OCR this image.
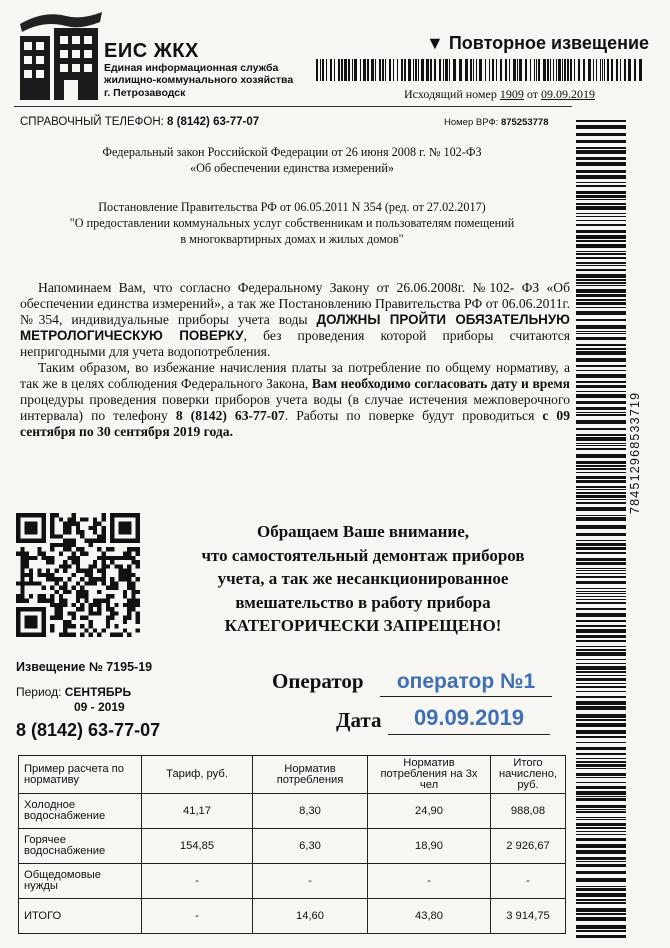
ЕИС ЖКХ
Единая информационная служба
жилищно-коммунального хозяйства
г. Петрозаводск
▼ Повторное извещение
Исходящий номер 1909 от 09.09.2019
СПРАВОЧНЫЙ ТЕЛЕФОН: 8 (8142) 63-77-07	Номер ВРФ: 875253778
Федеральный закон Российской Федерации от 26 июня 2008 г. № 102-ФЗ
«Об обеспечении единства измерений»
Постановление Правительства РФ от 06.05.2011 N 354 (ред. от 27.02.2017)
"О предоставлении коммунальных услуг собственникам и пользователям помещений
в многоквартирных домах и жилых домов"

Напоминаем Вам, что согласно Федеральному Закону от 26.06.2008г. №102- ФЗ «Об обеспечении единства измерений», а так же Постановлению Правительства РФ от 06.06.2011г. №354, индивидуальные приборы учета воды ДОЛЖНЫ ПРОЙТИ ОБЯЗАТЕЛЬНУЮ МЕТРОЛОГИЧЕСКУЮ ПОВЕРКУ, без проведения которой приборы считаются непригодными для учета водопотребления.

Таким образом, во избежание начисления платы за потребление по общему нормативу, а так же в целях соблюдения Федерального Закона, Вам необходимо согласовать дату и время процедуры проведения поверки приборов учета воды (в случае истечения межповерочного интервала) по телефону 8 (8142) 63-77-07. Работы по поверке будут проводиться с 09 сентября по 30 сентября 2019 года.

Обращаем Ваше внимание,
что самостоятельный демонтаж приборов
учета, а так же несанкционированное
вмешательство в работу прибора
КАТЕГОРИЧЕСКИ ЗАПРЕЩЕНО!
Извещение № 7195-19
Период: СЕНТЯБРЬ
09 - 2019
8 (8142) 63-77-07
Оператор	оператор №1
Дата	09.09.2019
784512968533719
Пример расчета по нормативу	Тариф, руб.	Норматив потребления	Норматив потребления на 3х чел	Итого начислено, руб.
Холодное водоснабжение	41,17	8,30	24,90	988,08
Горячее водоснабжение	154,85	6,30	18,90	2 926,67
Общедомовые нужды	-	-	-	-
ИТОГО	-	14,60	43,80	3 914,75
